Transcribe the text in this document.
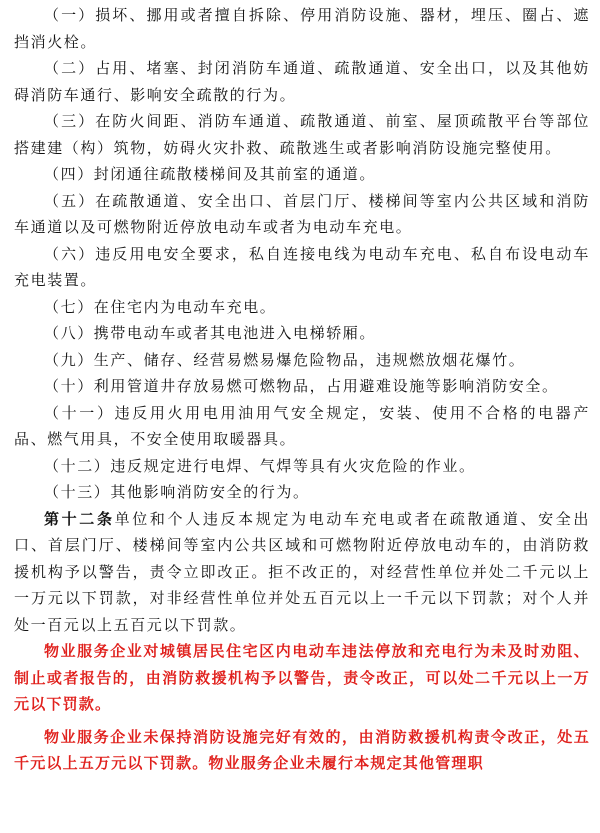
（一）损坏、挪用或者擅自拆除、停用消防设施、器材，埋压、圈占、遮挡消火栓。

（二）占用、堵塞、封闭消防车通道、疏散通道、安全出口，以及其他妨碍消防车通行、影响安全疏散的行为。

（三）在防火间距、消防车通道、疏散通道、前室、屋顶疏散平台等部位搭建建（构）筑物，妨碍火灾扑救、疏散逃生或者影响消防设施完整使用。

（四）封闭通往疏散楼梯间及其前室的通道。

（五）在疏散通道、安全出口、首层门厅、楼梯间等室内公共区域和消防车通道以及可燃物附近停放电动车或者为电动车充电。

（六）违反用电安全要求，私自连接电线为电动车充电、私自布设电动车充电装置。

（七）在住宅内为电动车充电。

（八）携带电动车或者其电池进入电梯轿厢。

（九）生产、储存、经营易燃易爆危险物品，违规燃放烟花爆竹。

（十）利用管道井存放易燃可燃物品，占用避难设施等影响消防安全。

（十一）违反用火用电用油用气安全规定，安装、使用不合格的电器产品、燃气用具，不安全使用取暖器具。

（十二）违反规定进行电焊、气焊等具有火灾危险的作业。

（十三）其他影响消防安全的行为。

第十二条单位和个人违反本规定为电动车充电或者在疏散通道、安全出口、首层门厅、楼梯间等室内公共区域和可燃物附近停放电动车的，由消防救援机构予以警告，责令立即改正。拒不改正的，对经营性单位并处二千元以上一万元以下罚款，对非经营性单位并处五百元以上一千元以下罚款；对个人并处一百元以上五百元以下罚款。

物业服务企业对城镇居民住宅区内电动车违法停放和充电行为未及时劝阻、制止或者报告的，由消防救援机构予以警告，责令改正，可以处二千元以上一万元以下罚款。

物业服务企业未保持消防设施完好有效的，由消防救援机构责令改正，处五千元以上五万元以下罚款。物业服务企业未履行本规定其他管理职
